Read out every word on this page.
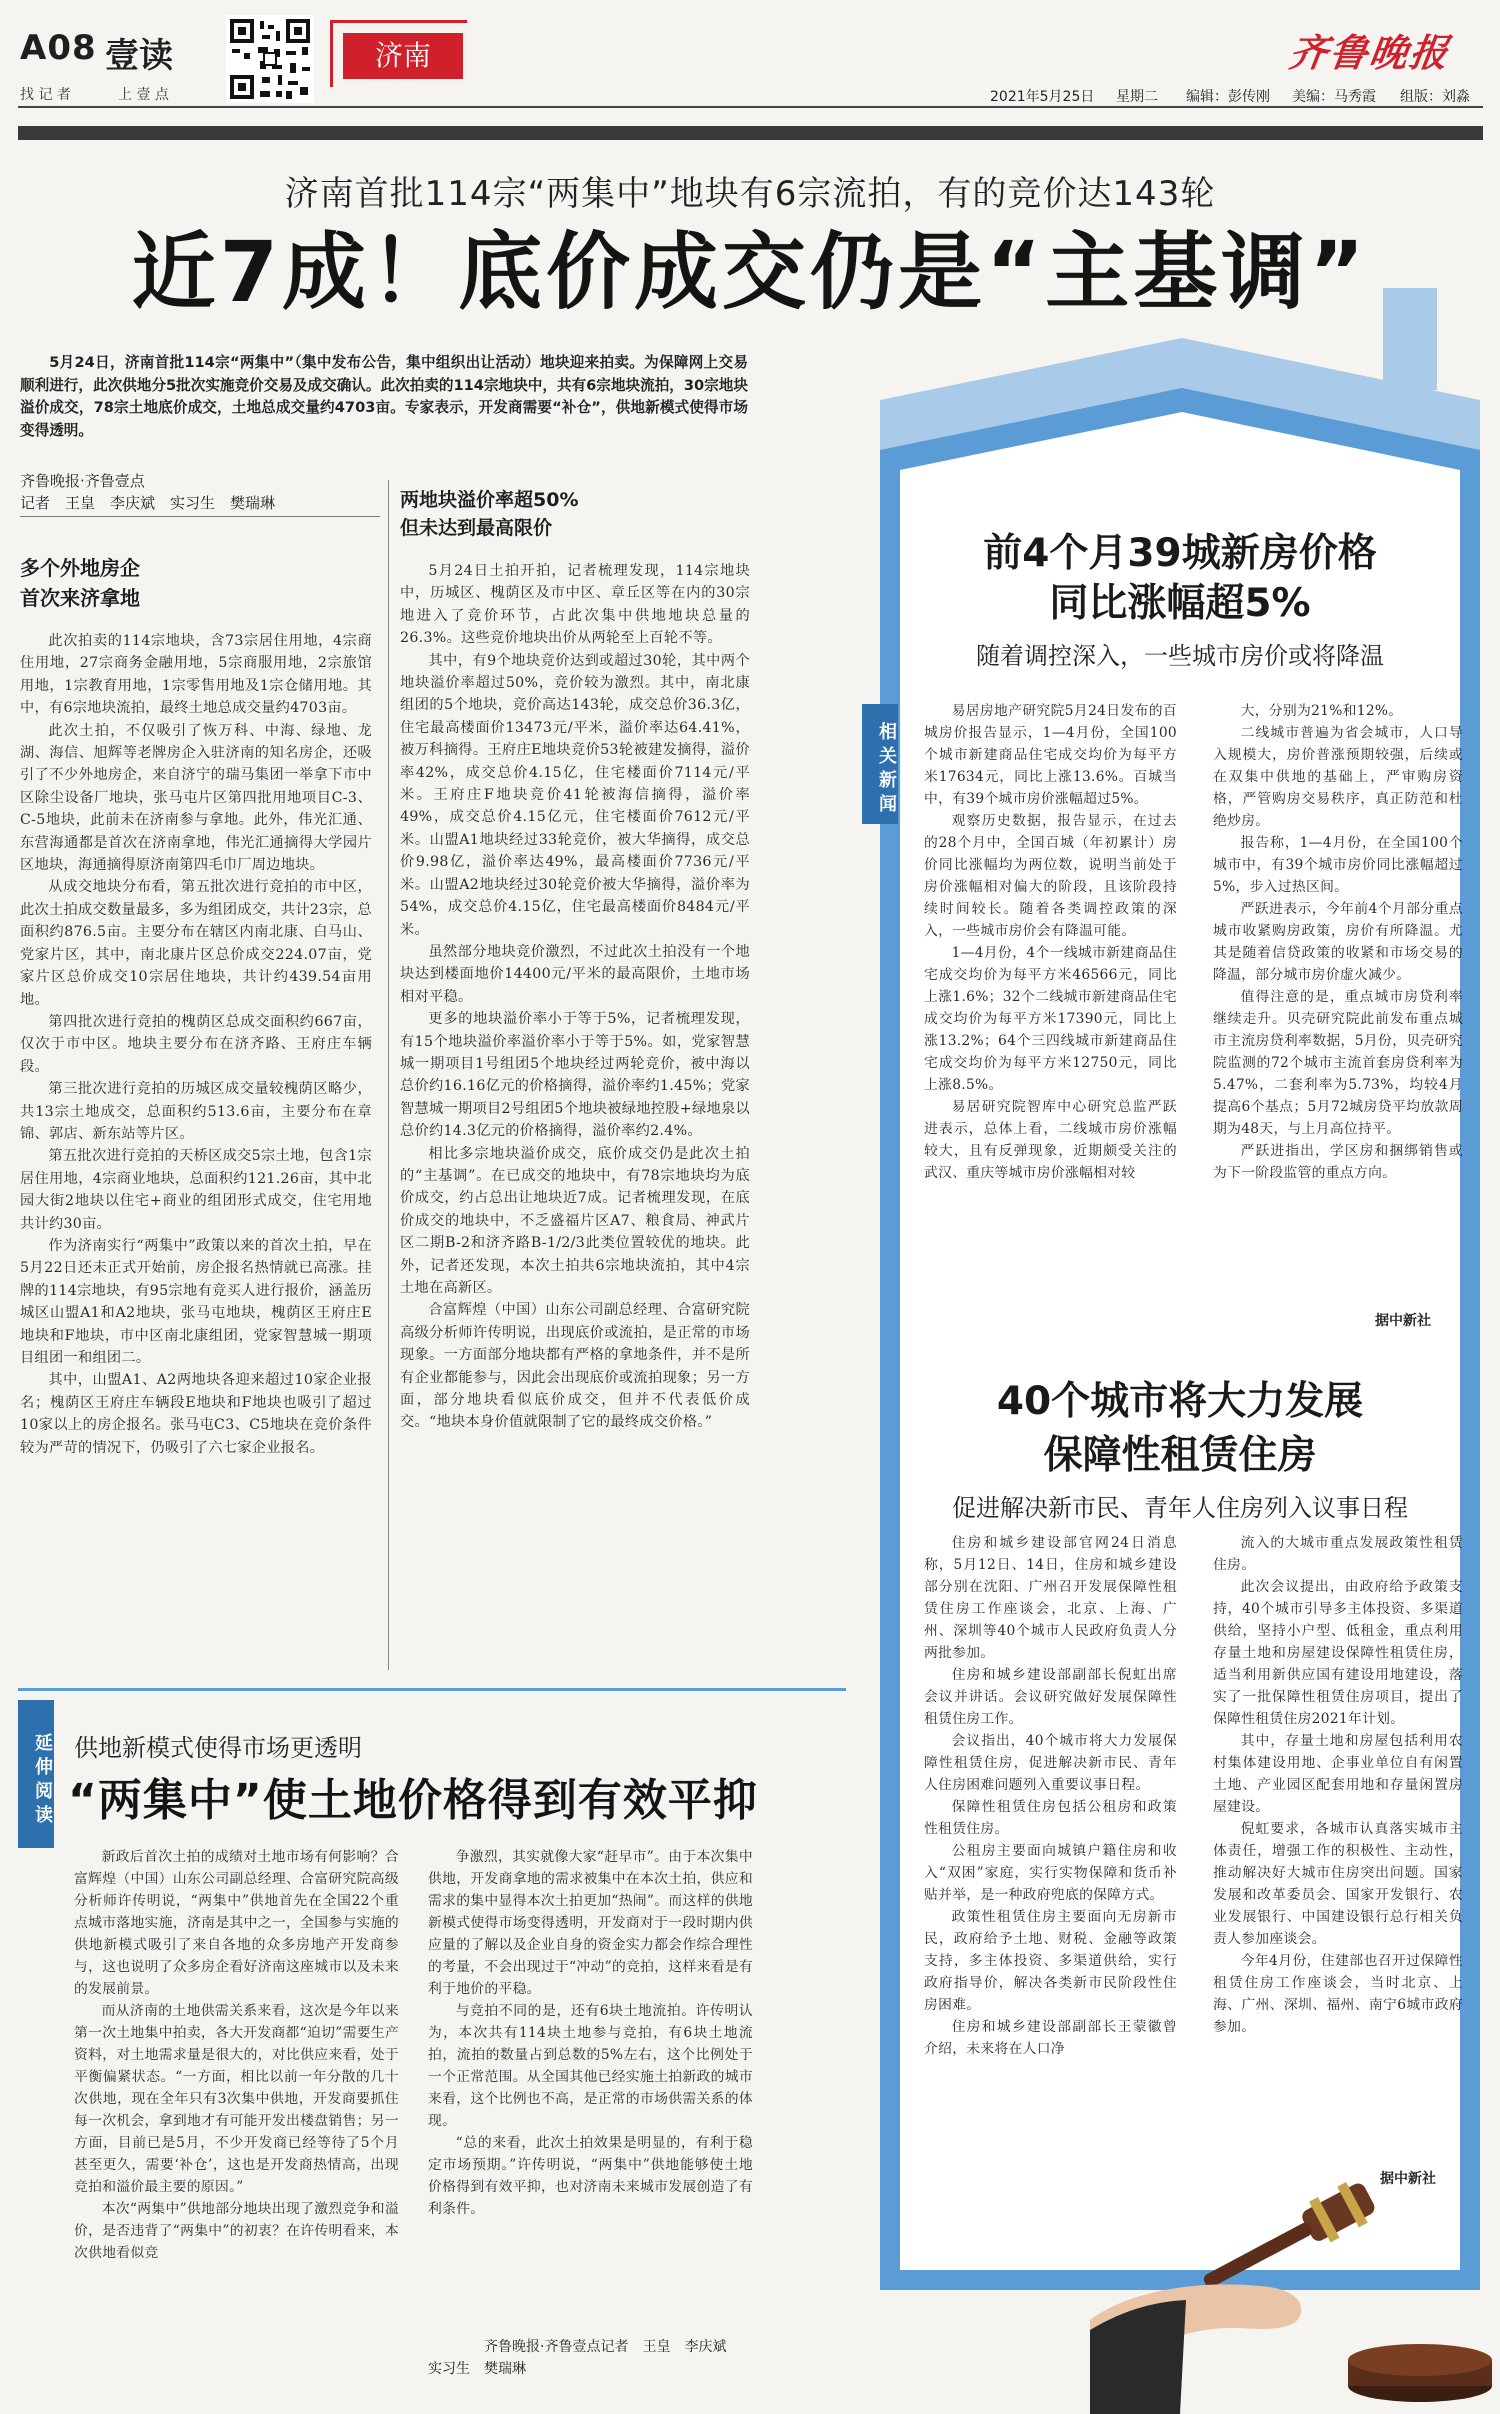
A08 壹读
找 记 者	上 壹 点
济南	齐鲁晚报
2021年5月25日 星期二 编辑：彭传刚 美编：马秀霞 组版：刘淼
济南首批114宗“两集中”地块有6宗流拍，有的竞价达143轮
近7成！底价成交仍是“主基调”
5月24日，济南首批114宗“两集中”（集中发布公告，集中组织出让活动）地块迎来拍卖。为保障网上交易顺利进行，此次供地分5批次实施竞价交易及成交确认。此次拍卖的114宗地块中，共有6宗地块流拍，30宗地块溢价成交，78宗土地底价成交，土地总成交量约4703亩。专家表示，开发商需要“补仓”，供地新模式使得市场变得透明。
齐鲁晚报·齐鲁壹点
记者　王皇　李庆斌　实习生　樊瑞琳
多个外地房企
首次来济拿地

此次拍卖的114宗地块，含73宗居住用地，4宗商住用地，27宗商务金融用地，5宗商服用地，2宗旅馆用地，1宗教育用地，1宗零售用地及1宗仓储用地。其中，有6宗地块流拍，最终土地总成交量约4703亩。

此次土拍，不仅吸引了恢万科、中海、绿地、龙湖、海信、旭辉等老牌房企入驻济南的知名房企，还吸引了不少外地房企，来自济宁的瑞马集团一举拿下市中区除尘设备厂地块，张马屯片区第四批用地项目C-3、C-5地块，此前未在济南参与拿地。此外，伟光汇通、东营海通都是首次在济南拿地，伟光汇通摘得大学园片区地块，海通摘得原济南第四毛巾厂周边地块。

从成交地块分布看，第五批次进行竞拍的市中区，此次土拍成交数量最多，多为组团成交，共计23宗，总面积约876.5亩。主要分布在辖区内南北康、白马山、党家片区，其中，南北康片区总价成交224.07亩，党家片区总价成交10宗居住地块，共计约439.54亩用地。

第四批次进行竞拍的槐荫区总成交面积约667亩，仅次于市中区。地块主要分布在济齐路、王府庄车辆段。

第三批次进行竞拍的历城区成交量较槐荫区略少，共13宗土地成交，总面积约513.6亩，主要分布在章锦、郭店、新东站等片区。

第五批次进行竞拍的天桥区成交5宗土地，包含1宗居住用地，4宗商业地块，总面积约121.26亩，其中北园大街2地块以住宅+商业的组团形式成交，住宅用地共计约30亩。

作为济南实行“两集中”政策以来的首次土拍，早在5月22日还未正式开始前，房企报名热情就已高涨。挂牌的114宗地块，有95宗地有竞买人进行报价，涵盖历城区山盟A1和A2地块，张马屯地块，槐荫区王府庄E地块和F地块，市中区南北康组团，党家智慧城一期项目组团一和组团二。

其中，山盟A1、A2两地块各迎来超过10家企业报名；槐荫区王府庄车辆段E地块和F地块也吸引了超过10家以上的房企报名。张马屯C3、C5地块在竞价条件较为严苛的情况下，仍吸引了六七家企业报名。

两地块溢价率超50%
但未达到最高限价

5月24日土拍开拍，记者梳理发现，114宗地块中，历城区、槐荫区及市中区、章丘区等在内的30宗地进入了竞价环节，占此次集中供地地块总量的26.3%。这些竞价地块出价从两轮至上百轮不等。

其中，有9个地块竞价达到或超过30轮，其中两个地块溢价率超过50%，竞价较为激烈。其中，南北康组团的5个地块，竞价高达143轮，成交总价36.3亿，住宅最高楼面价13473元/平米，溢价率达64.41%，被万科摘得。王府庄E地块竞价53轮被建发摘得，溢价率42%，成交总价4.15亿，住宅楼面价7114元/平米。王府庄F地块竞价41轮被海信摘得，溢价率49%，成交总价4.15亿元，住宅楼面价7612元/平米。山盟A1地块经过33轮竞价，被大华摘得，成交总价9.98亿，溢价率达49%，最高楼面价7736元/平米。山盟A2地块经过30轮竞价被大华摘得，溢价率为54%，成交总价4.15亿，住宅最高楼面价8484元/平米。

虽然部分地块竞价激烈，不过此次土拍没有一个地块达到楼面地价14400元/平米的最高限价，土地市场相对平稳。

更多的地块溢价率小于等于5%，记者梳理发现，有15个地块溢价率溢价率小于等于5%。如，党家智慧城一期项目1号组团5个地块经过两轮竞价，被中海以总价约16.16亿元的价格摘得，溢价率约1.45%；党家智慧城一期项目2号组团5个地块被绿地控股+绿地泉以总价约14.3亿元的价格摘得，溢价率约2.4%。

相比多宗地块溢价成交，底价成交仍是此次土拍的“主基调”。在已成交的地块中，有78宗地块均为底价成交，约占总出让地块近7成。记者梳理发现，在底价成交的地块中，不乏盛福片区A7、粮食局、神武片区二期B-2和济齐路B-1/2/3此类位置较优的地块。此外，记者还发现，本次土拍共6宗地块流拍，其中4宗土地在高新区。

合富辉煌（中国）山东公司副总经理、合富研究院高级分析师许传明说，出现底价或流拍，是正常的市场现象。一方面部分地块都有严格的拿地条件，并不是所有企业都能参与，因此会出现底价或流拍现象；另一方面，部分地块看似底价成交，但并不代表低价成交。“地块本身价值就限制了它的最终成交价格。”

相关新闻
前4个月39城新房价格
同比涨幅超5%
随着调控深入，一些城市房价或将降温

易居房地产研究院5月24日发布的百城房价报告显示，1—4月份，全国100个城市新建商品住宅成交均价为每平方米17634元，同比上涨13.6%。百城当中，有39个城市房价涨幅超过5%。

观察历史数据，报告显示，在过去的28个月中，全国百城（年初累计）房价同比涨幅均为两位数，说明当前处于房价涨幅相对偏大的阶段，且该阶段持续时间较长。随着各类调控政策的深入，一些城市房价会有降温可能。

1—4月份，4个一线城市新建商品住宅成交均价为每平方米46566元，同比上涨1.6%；32个二线城市新建商品住宅成交均价为每平方米17390元，同比上涨13.2%；64个三四线城市新建商品住宅成交均价为每平方米12750元，同比上涨8.5%。

易居研究院智库中心研究总监严跃进表示，总体上看，二线城市房价涨幅较大，且有反弹现象，近期颇受关注的武汉、重庆等城市房价涨幅相对较

大，分别为21%和12%。

二线城市普遍为省会城市，人口导入规模大，房价普涨预期较强，后续或在双集中供地的基础上，严审购房资格，严管购房交易秩序，真正防范和杜绝炒房。

报告称，1—4月份，在全国100个城市中，有39个城市房价同比涨幅超过5%，步入过热区间。

严跃进表示，今年前4个月部分重点城市收紧购房政策，房价有所降温。尤其是随着信贷政策的收紧和市场交易的降温，部分城市房价虚火减少。

值得注意的是，重点城市房贷利率继续走升。贝壳研究院此前发布重点城市主流房贷利率数据，5月份，贝壳研究院监测的72个城市主流首套房贷利率为5.47%，二套利率为5.73%，均较4月提高6个基点；5月72城房贷平均放款周期为48天，与上月高位持平。

严跃进指出，学区房和捆绑销售或为下一阶段监管的重点方向。

据中新社
40个城市将大力发展
保障性租赁住房
促进解决新市民、青年人住房列入议事日程

住房和城乡建设部官网24日消息称，5月12日、14日，住房和城乡建设部分别在沈阳、广州召开发展保障性租赁住房工作座谈会，北京、上海、广州、深圳等40个城市人民政府负责人分两批参加。

住房和城乡建设部副部长倪虹出席会议并讲话。会议研究做好发展保障性租赁住房工作。

会议指出，40个城市将大力发展保障性租赁住房，促进解决新市民、青年人住房困难问题列入重要议事日程。

保障性租赁住房包括公租房和政策性租赁住房。

公租房主要面向城镇户籍住房和收入“双困”家庭，实行实物保障和货币补贴并举，是一种政府兜底的保障方式。

政策性租赁住房主要面向无房新市民，政府给予土地、财税、金融等政策支持，多主体投资、多渠道供给，实行政府指导价，解决各类新市民阶段性住房困难。

住房和城乡建设部副部长王蒙徽曾介绍，未来将在人口净

流入的大城市重点发展政策性租赁住房。

此次会议提出，由政府给予政策支持，40个城市引导多主体投资、多渠道供给，坚持小户型、低租金，重点利用存量土地和房屋建设保障性租赁住房，适当利用新供应国有建设用地建设，落实了一批保障性租赁住房项目，提出了保障性租赁住房2021年计划。

其中，存量土地和房屋包括利用农村集体建设用地、企事业单位自有闲置土地、产业园区配套用地和存量闲置房屋建设。

倪虹要求，各城市认真落实城市主体责任，增强工作的积极性、主动性，推动解决好大城市住房突出问题。国家发展和改革委员会、国家开发银行、农业发展银行、中国建设银行总行相关负责人参加座谈会。

今年4月份，住建部也召开过保障性租赁住房工作座谈会，当时北京、上海、广州、深圳、福州、南宁6城市政府参加。

据中新社
延伸阅读 供地新模式使得市场更透明
“两集中”使土地价格得到有效平抑

新政后首次土拍的成绩对土地市场有何影响？合富辉煌（中国）山东公司副总经理、合富研究院高级分析师许传明说，“两集中”供地首先在全国22个重点城市落地实施，济南是其中之一，全国参与实施的供地新模式吸引了来自各地的众多房地产开发商参与，这也说明了众多房企看好济南这座城市以及未来的发展前景。

而从济南的土地供需关系来看，这次是今年以来第一次土地集中拍卖，各大开发商都“迫切”需要生产资料，对土地需求量是很大的，对比供应来看，处于平衡偏紧状态。“一方面，相比以前一年分散的几十次供地，现在全年只有3次集中供地，开发商要抓住每一次机会，拿到地才有可能开发出楼盘销售；另一方面，目前已是5月，不少开发商已经等待了5个月甚至更久，需要‘补仓’，这也是开发商热情高，出现竞拍和溢价最主要的原因。”

本次“两集中”供地部分地块出现了激烈竞争和溢价，是否违背了“两集中”的初衷？在许传明看来，本次供地看似竞

争激烈，其实就像大家“赶早市”。由于本次集中供地，开发商拿地的需求被集中在本次土拍，供应和需求的集中显得本次土拍更加“热闹”。而这样的供地新模式使得市场变得透明，开发商对于一段时期内供应量的了解以及企业自身的资金实力都会作综合理性的考量，不会出现过于“冲动”的竞拍，这样来看是有利于地价的平稳。

与竞拍不同的是，还有6块土地流拍。许传明认为，本次共有114块土地参与竞拍，有6块土地流拍，流拍的数量占到总数的5%左右，这个比例处于一个正常范围。从全国其他已经实施土拍新政的城市来看，这个比例也不高，是正常的市场供需关系的体现。

“总的来看，此次土拍效果是明显的，有利于稳定市场预期。”许传明说，“两集中”供地能够使土地价格得到有效平抑，也对济南未来城市发展创造了有利条件。

齐鲁晚报·齐鲁壹点记者　王皇　李庆斌　实习生　樊瑞琳
